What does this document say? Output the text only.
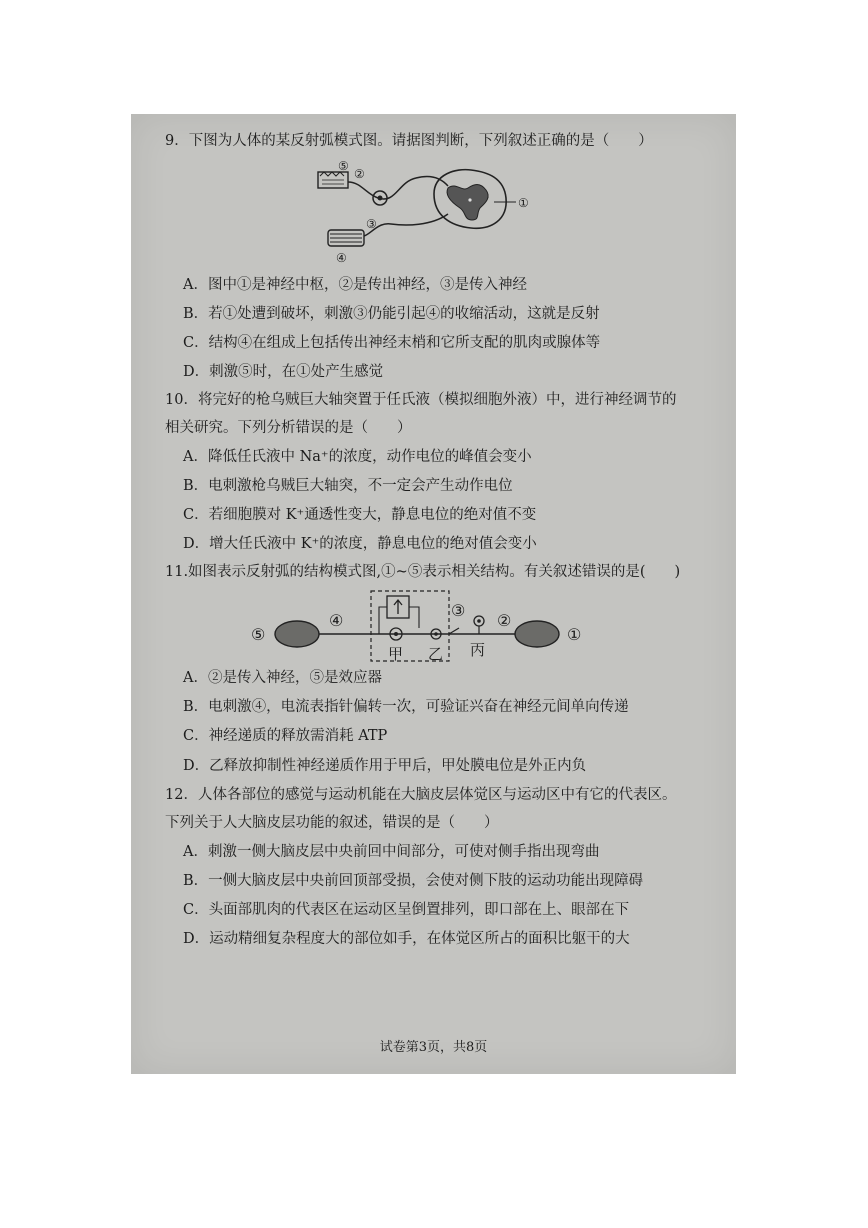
9．下图为人体的某反射弧模式图。请据图判断，下列叙述正确的是（　　）
①
②
③
④
⑤
A．图中①是神经中枢，②是传出神经，③是传入神经
B．若①处遭到破坏，刺激③仍能引起④的收缩活动，这就是反射
C．结构④在组成上包括传出神经末梢和它所支配的肌肉或腺体等
D．刺激⑤时，在①处产生感觉
10．将完好的枪乌贼巨大轴突置于任氏液（模拟细胞外液）中，进行神经调节的
相关研究。下列分析错误的是（　　）
A．降低任氏液中 Na⁺的浓度，动作电位的峰值会变小
B．电刺激枪乌贼巨大轴突，不一定会产生动作电位
C．若细胞膜对 K⁺通透性变大，静息电位的绝对值不变
D．增大任氏液中 K⁺的浓度，静息电位的绝对值会变小
11.如图表示反射弧的结构模式图,①~⑤表示相关结构。有关叙述错误的是(　　)
⑤
④
③
②
①
甲 乙 丙
A．②是传入神经，⑤是效应器
B．电刺激④，电流表指针偏转一次，可验证兴奋在神经元间单向传递
C．神经递质的释放需消耗 ATP
D．乙释放抑制性神经递质作用于甲后，甲处膜电位是外正内负
12．人体各部位的感觉与运动机能在大脑皮层体觉区与运动区中有它的代表区。
下列关于人大脑皮层功能的叙述，错误的是（　　）
A．刺激一侧大脑皮层中央前回中间部分，可使对侧手指出现弯曲
B．一侧大脑皮层中央前回顶部受损，会使对侧下肢的运动功能出现障碍
C．头面部肌肉的代表区在运动区呈倒置排列，即口部在上、眼部在下
D．运动精细复杂程度大的部位如手，在体觉区所占的面积比躯干的大
试卷第3页，共8页
